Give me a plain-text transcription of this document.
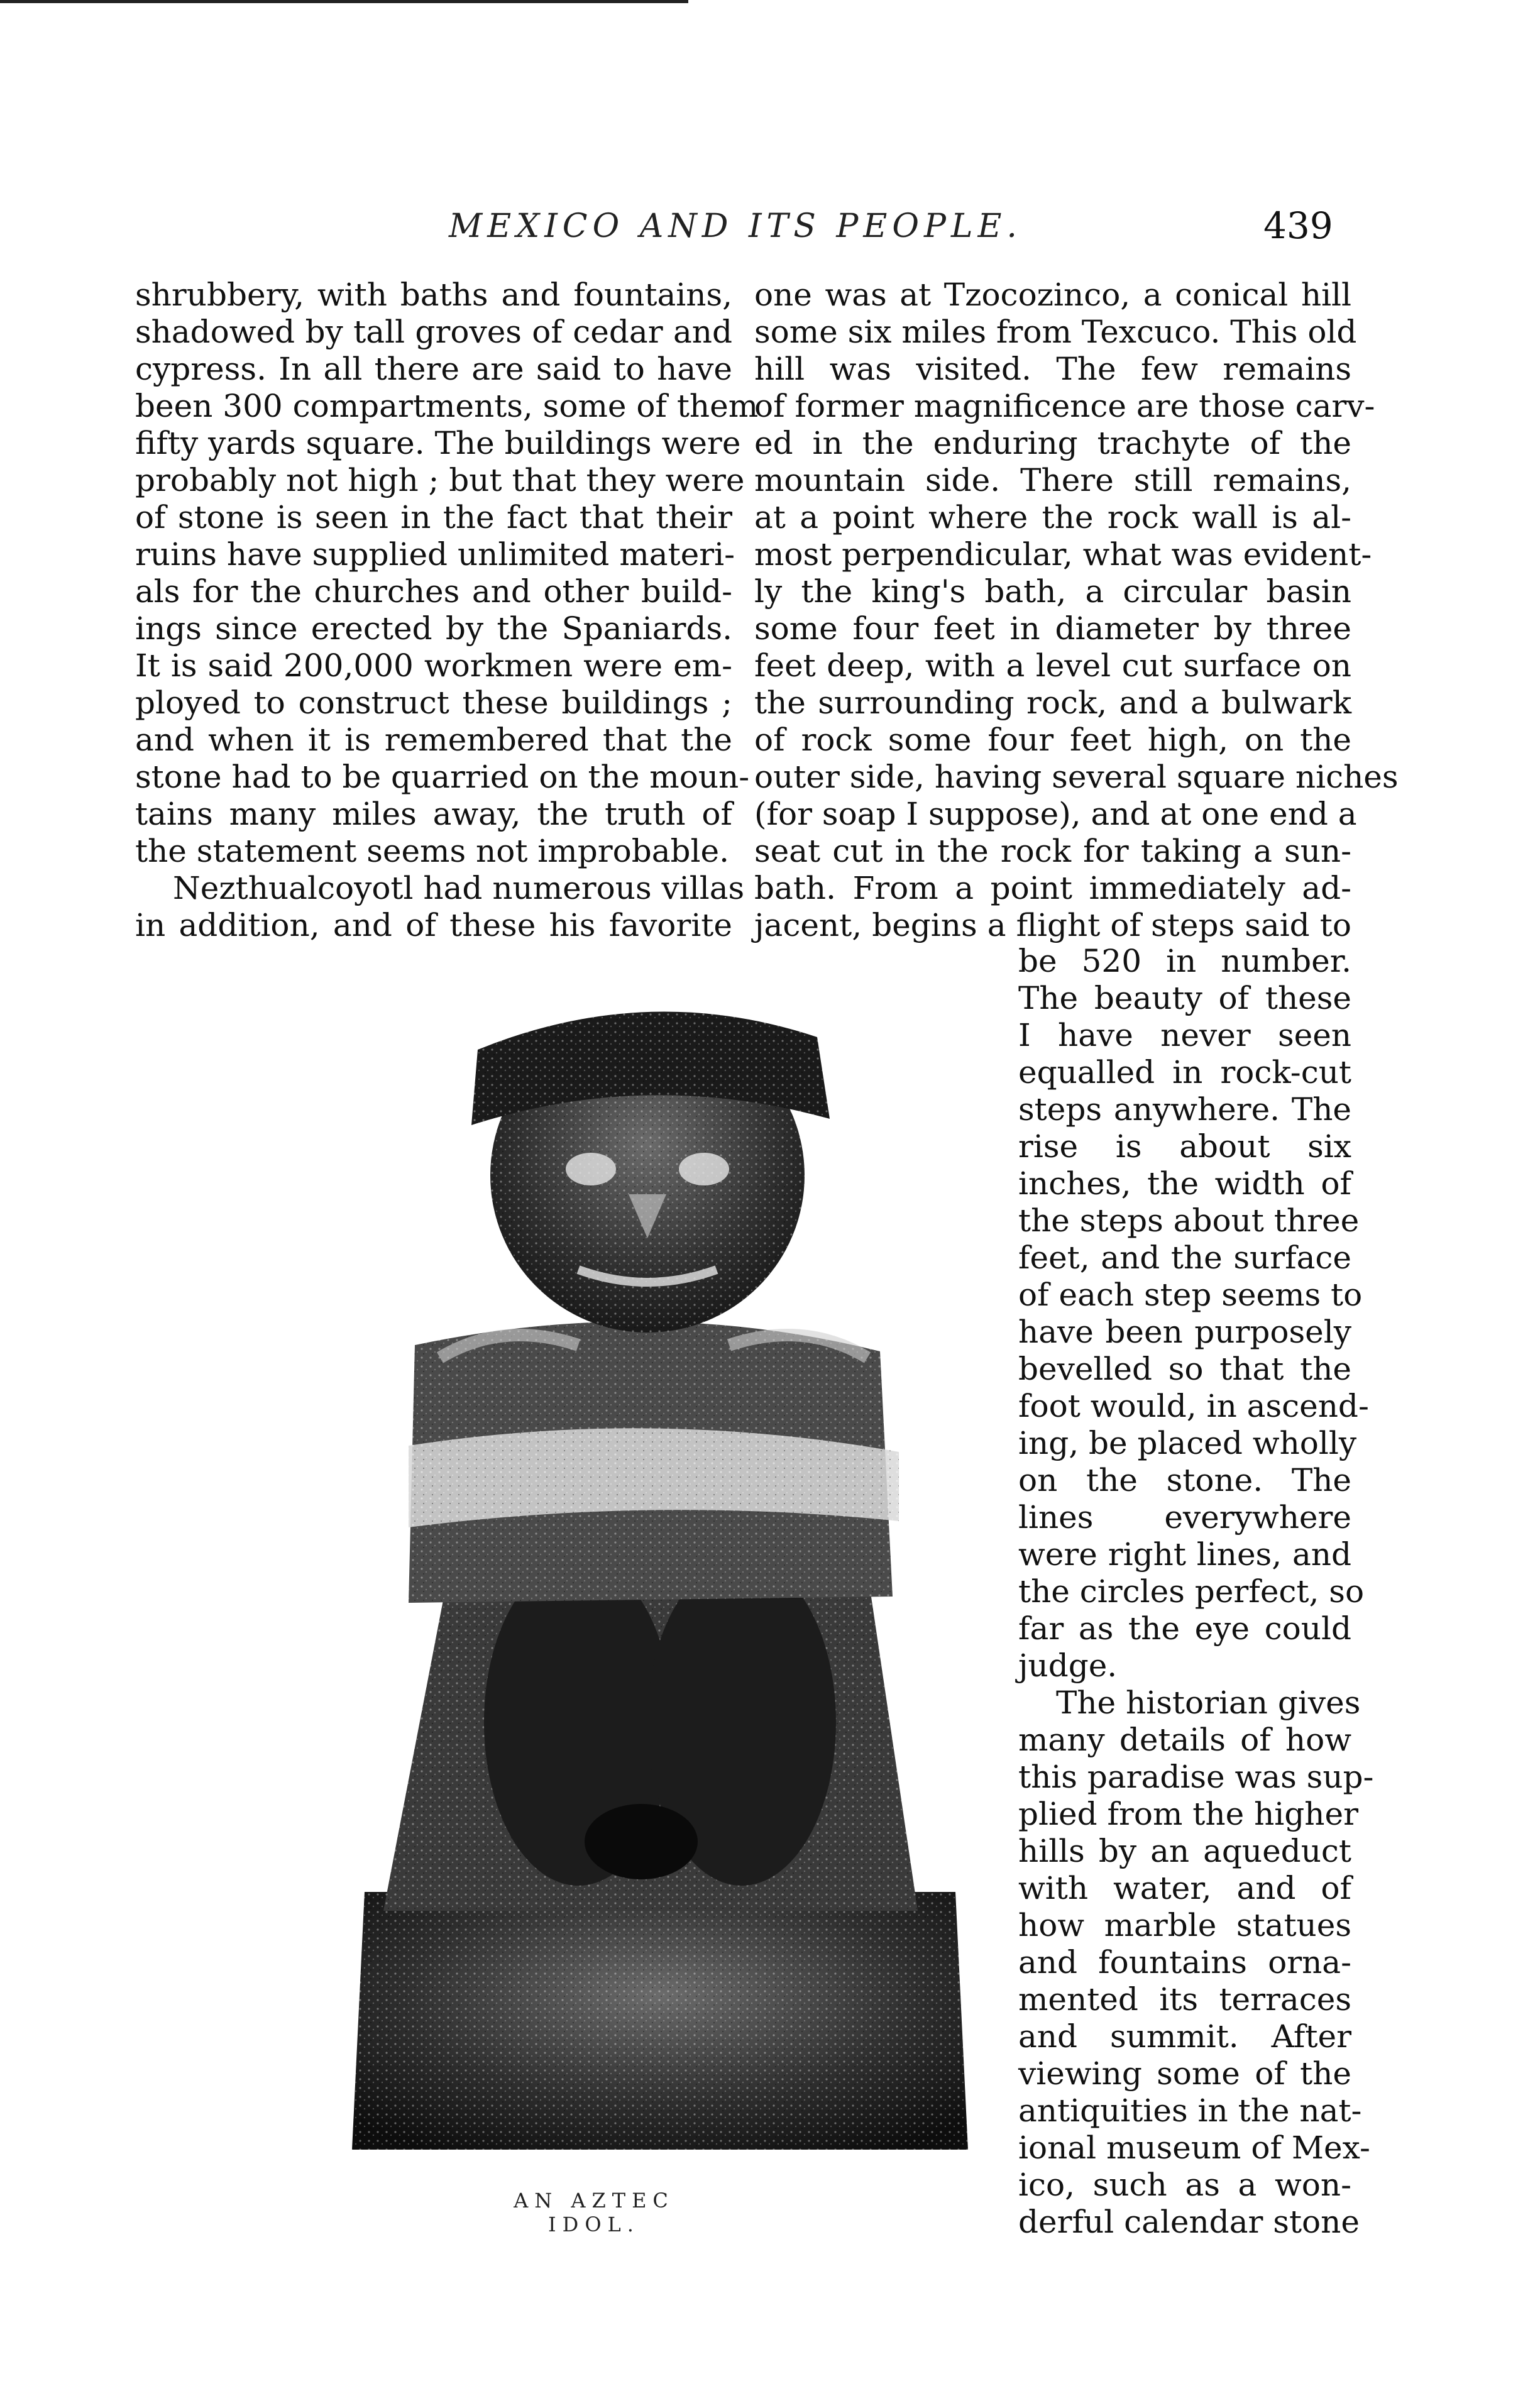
MEXICO AND ITS PEOPLE.	439
shrubbery, with baths and fountains,
shadowed by tall groves of cedar and
cypress. In all there are said to have
been 300 compartments, some of them
fifty yards square. The buildings were
probably not high ; but that they were
of stone is seen in the fact that their
ruins have supplied unlimited materi-
als for the churches and other build-
ings since erected by the Spaniards.
It is said 200,000 workmen were em-
ployed to construct these buildings ;
and when it is remembered that the
stone had to be quarried on the moun-
tains many miles away, the truth of
the statement seems not improbable.
Nezthualcoyotl had numerous villas
in addition, and of these his favorite
one was at Tzocozinco, a conical hill
some six miles from Texcuco. This old
hill was visited. The few remains
of former magnificence are those carv-
ed in the enduring trachyte of the
mountain side. There still remains,
at a point where the rock wall is al-
most perpendicular, what was evident-
ly the king's bath, a circular basin
some four feet in diameter by three
feet deep, with a level cut surface on
the surrounding rock, and a bulwark
of rock some four feet high, on the
outer side, having several square niches
(for soap I suppose), and at one end a
seat cut in the rock for taking a sun-
bath. From a point immediately ad-
jacent, begins a flight of steps said to
be 520 in number.
The beauty of these
I have never seen
equalled in rock-cut
steps anywhere. The
rise is about six
inches, the width of
the steps about three
feet, and the surface
of each step seems to
have been purposely
bevelled so that the
foot would, in ascend-
ing, be placed wholly
on the stone. The
lines everywhere
were right lines, and
the circles perfect, so
far as the eye could
judge.
The historian gives
many details of how
this paradise was sup-
plied from the higher
hills by an aqueduct
with water, and of
how marble statues
and fountains orna-
mented its terraces
and summit. After
viewing some of the
antiquities in the nat-
ional museum of Mex-
ico, such as a won-
derful calendar stone
AN AZTEC IDOL.
